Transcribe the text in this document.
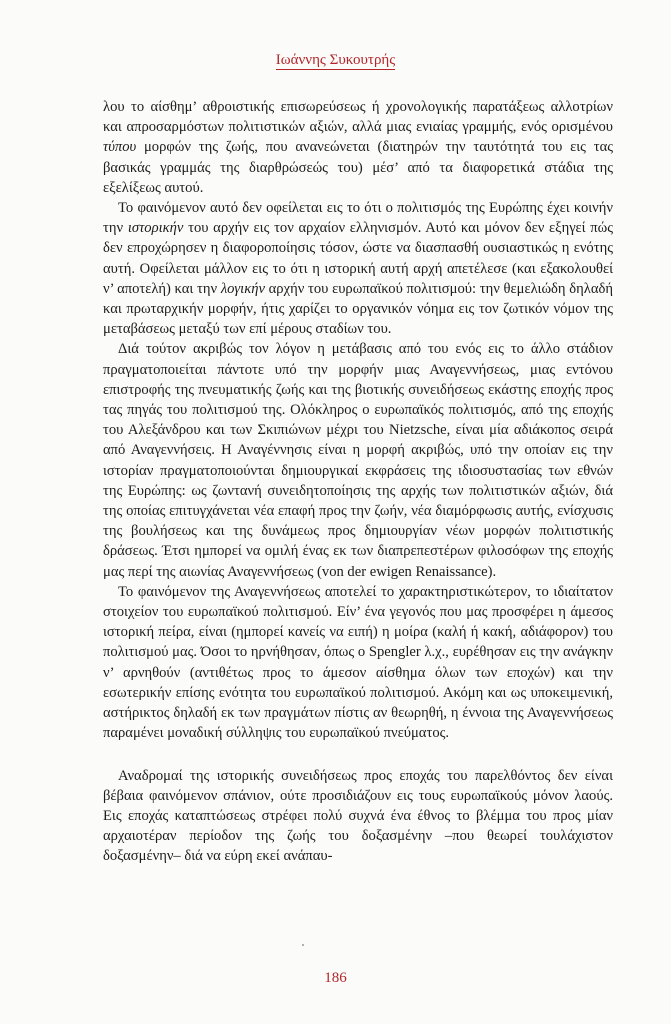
Ιωάννης Συκουτρής

λου το αίσθημ’ αθροιστικής επισωρεύσεως ή χρονολογικής παρατάξεως αλλοτρίων και απροσαρμόστων πολιτιστικών αξιών, αλλά μιας ενιαίας γραμμής, ενός ορισμένου τύπου μορφών της ζωής, που ανανεώνεται (διατηρών την ταυτότητά του εις τας βασικάς γραμμάς της διαρθρώσεώς του) μέσ’ από τα διαφορετικά στάδια της εξελίξεως αυτού.

Το φαινόμενον αυτό δεν οφείλεται εις το ότι ο πολιτισμός της Ευρώπης έχει κοινήν την ιστορικήν του αρχήν εις τον αρχαίον ελληνισμόν. Αυτό και μόνον δεν εξηγεί πώς δεν επροχώρησεν η διαφοροποίησις τόσον, ώστε να διασπασθή ουσιαστικώς η ενότης αυτή. Οφείλεται μάλλον εις το ότι η ιστορική αυτή αρχή απετέλεσε (και εξακολουθεί ν’ αποτελή) και την λογικήν αρχήν του ευρωπαϊκού πολιτισμού: την θεμελιώδη δηλαδή και πρωταρχικήν μορφήν, ήτις χαρίζει το οργανικόν νόημα εις τον ζωτικόν νόμον της μεταβάσεως μεταξύ των επί μέρους σταδίων του.

Διά τούτον ακριβώς τον λόγον η μετάβασις από του ενός εις το άλλο στάδιον πραγματοποιείται πάντοτε υπό την μορφήν μιας Αναγεννήσεως, μιας εντόνου επιστροφής της πνευματικής ζωής και της βιοτικής συνειδήσεως εκάστης εποχής προς τας πηγάς του πολιτισμού της. Ολόκληρος ο ευρωπαϊκός πολιτισμός, από της εποχής του Αλεξάνδρου και των Σκιπιώνων μέχρι του Nietzsche, είναι μία αδιάκοπος σειρά από Αναγεννήσεις. Η Αναγέννησις είναι η μορφή ακριβώς, υπό την οποίαν εις την ιστορίαν πραγματοποιούνται δημιουργικαί εκφράσεις της ιδιοσυστασίας των εθνών της Ευρώπης: ως ζωντανή συνειδητοποίησις της αρχής των πολιτιστικών αξιών, διά της οποίας επιτυγχάνεται νέα επαφή προς την ζωήν, νέα διαμόρφωσις αυτής, ενίσχυσις της βουλήσεως και της δυνάμεως προς δημιουργίαν νέων μορφών πολιτιστικής δράσεως. Έτσι ημπορεί να ομιλή ένας εκ των διαπρεπεστέρων φιλοσόφων της εποχής μας περί της αιωνίας Αναγεννήσεως (von der ewigen Renaissance).

Το φαινόμενον της Αναγεννήσεως αποτελεί το χαρακτηριστικώτερον, το ιδιαίτατον στοιχείον του ευρωπαϊκού πολιτισμού. Είν’ ένα γεγονός που μας προσφέρει η άμεσος ιστορική πείρα, είναι (ημπορεί κανείς να ειπή) η μοίρα (καλή ή κακή, αδιάφορον) του πολιτισμού μας. Όσοι το ηρνήθησαν, όπως ο Spengler λ.χ., ευρέθησαν εις την ανάγκην ν’ αρνηθούν (αντιθέτως προς το άμεσον αίσθημα όλων των εποχών) και την εσωτερικήν επίσης ενότητα του ευρωπαϊκού πολιτισμού. Ακόμη και ως υποκειμενική, αστήρικτος δηλαδή εκ των πραγμάτων πίστις αν θεωρηθή, η έννοια της Αναγεννήσεως παραμένει μοναδική σύλληψις του ευρωπαϊκού πνεύματος.

Αναδρομαί της ιστορικής συνειδήσεως προς εποχάς του παρελθόντος δεν είναι βέβαια φαινόμενον σπάνιον, ούτε προσιδιάζουν εις τους ευρωπαϊκούς μόνον λαούς. Εις εποχάς καταπτώσεως στρέφει πολύ συχνά ένα έθνος το βλέμμα του προς μίαν αρχαιοτέραν περίοδον της ζωής του δοξασμένην –που θεωρεί τουλάχιστον δοξασμένην– διά να εύρη εκεί ανάπαυ-

186
